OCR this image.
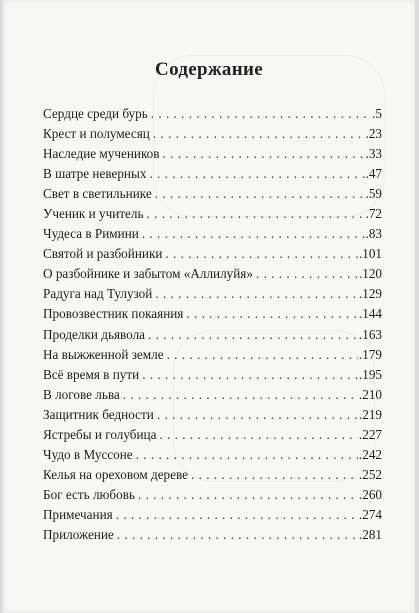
Содержание
Сердце среди бурь . . .	.5
Крест и полумесяц . . .	.23
Наследие мучеников . . .	.33
В шатре неверных . . .	.47
Свет в светильнике . . .	.59
Ученик и учитель . . .	.72
Чудеса в Римини . . .	.83
Святой и разбойники . . .	.101
О разбойнике и забытом «Аллилуйя» . . .	.120
Радуга над Тулузой . . .	.129
Провозвестник покаяния . . .	.144
Проделки дьявола . . .	.163
На выжженной земле . . .	.179
Всё время в пути . . .	.195
В логове льва . . .	.210
Защитник бедности . . .	.219
Ястребы и голубица . . .	.227
Чудо в Муссоне . . .	.242
Келья на ореховом дереве . . .	.252
Бог есть любовь . . .	.260
Примечания . . .	.274
Приложение . . .	.281
